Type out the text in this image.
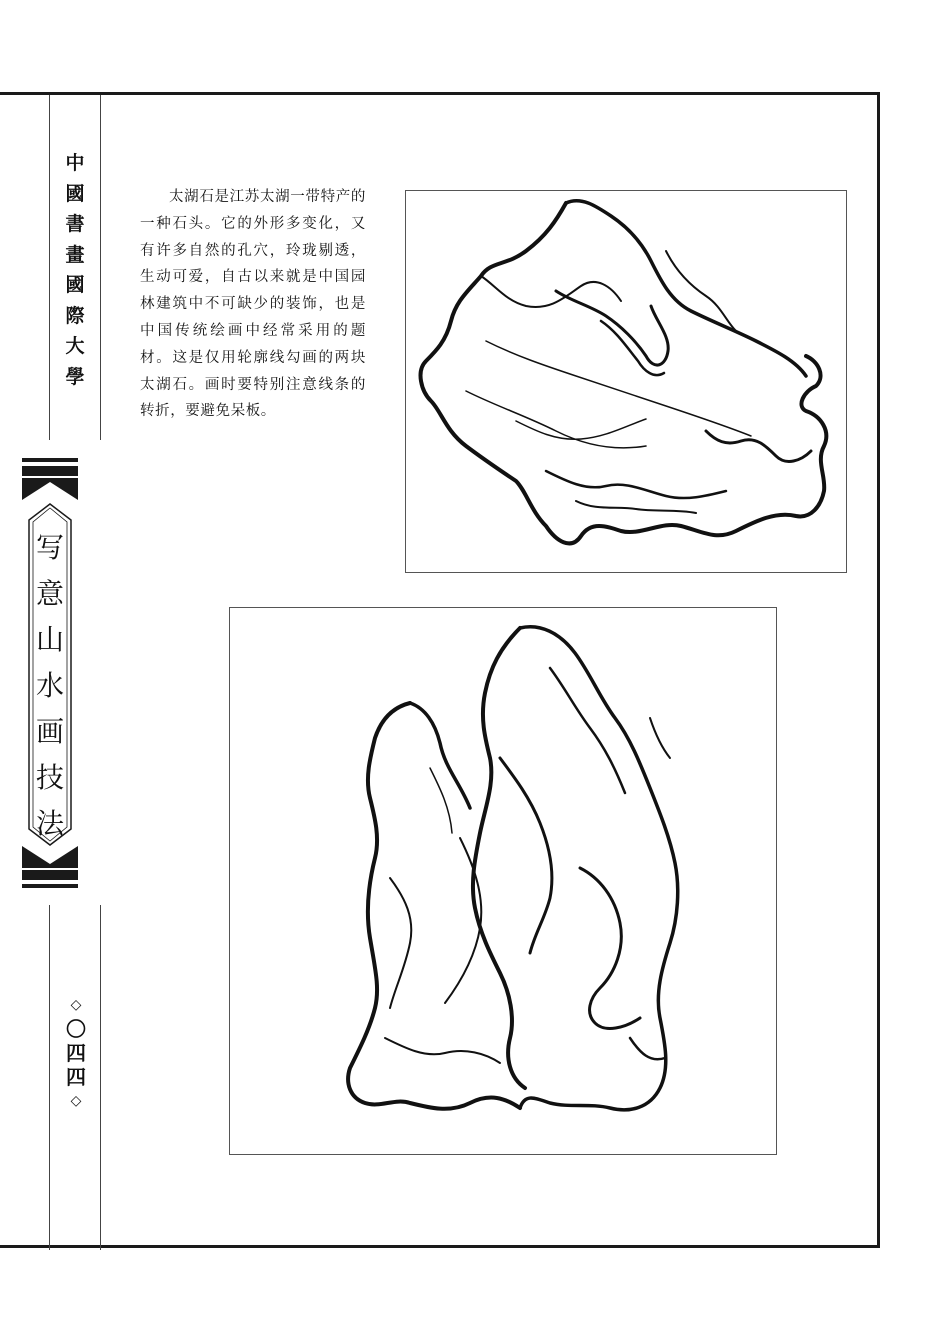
中
國
書
畫
國
際
大
學
写
意
山
水
画
技
法
◇
〇
四
四
◇

太湖石是江苏太湖一带特产的一种石头。它的外形多变化，又有许多自然的孔穴，玲珑剔透，生动可爱，自古以来就是中国园林建筑中不可缺少的装饰，也是中国传统绘画中经常采用的题材。这是仅用轮廓线勾画的两块太湖石。画时要特别注意线条的转折，要避免呆板。
